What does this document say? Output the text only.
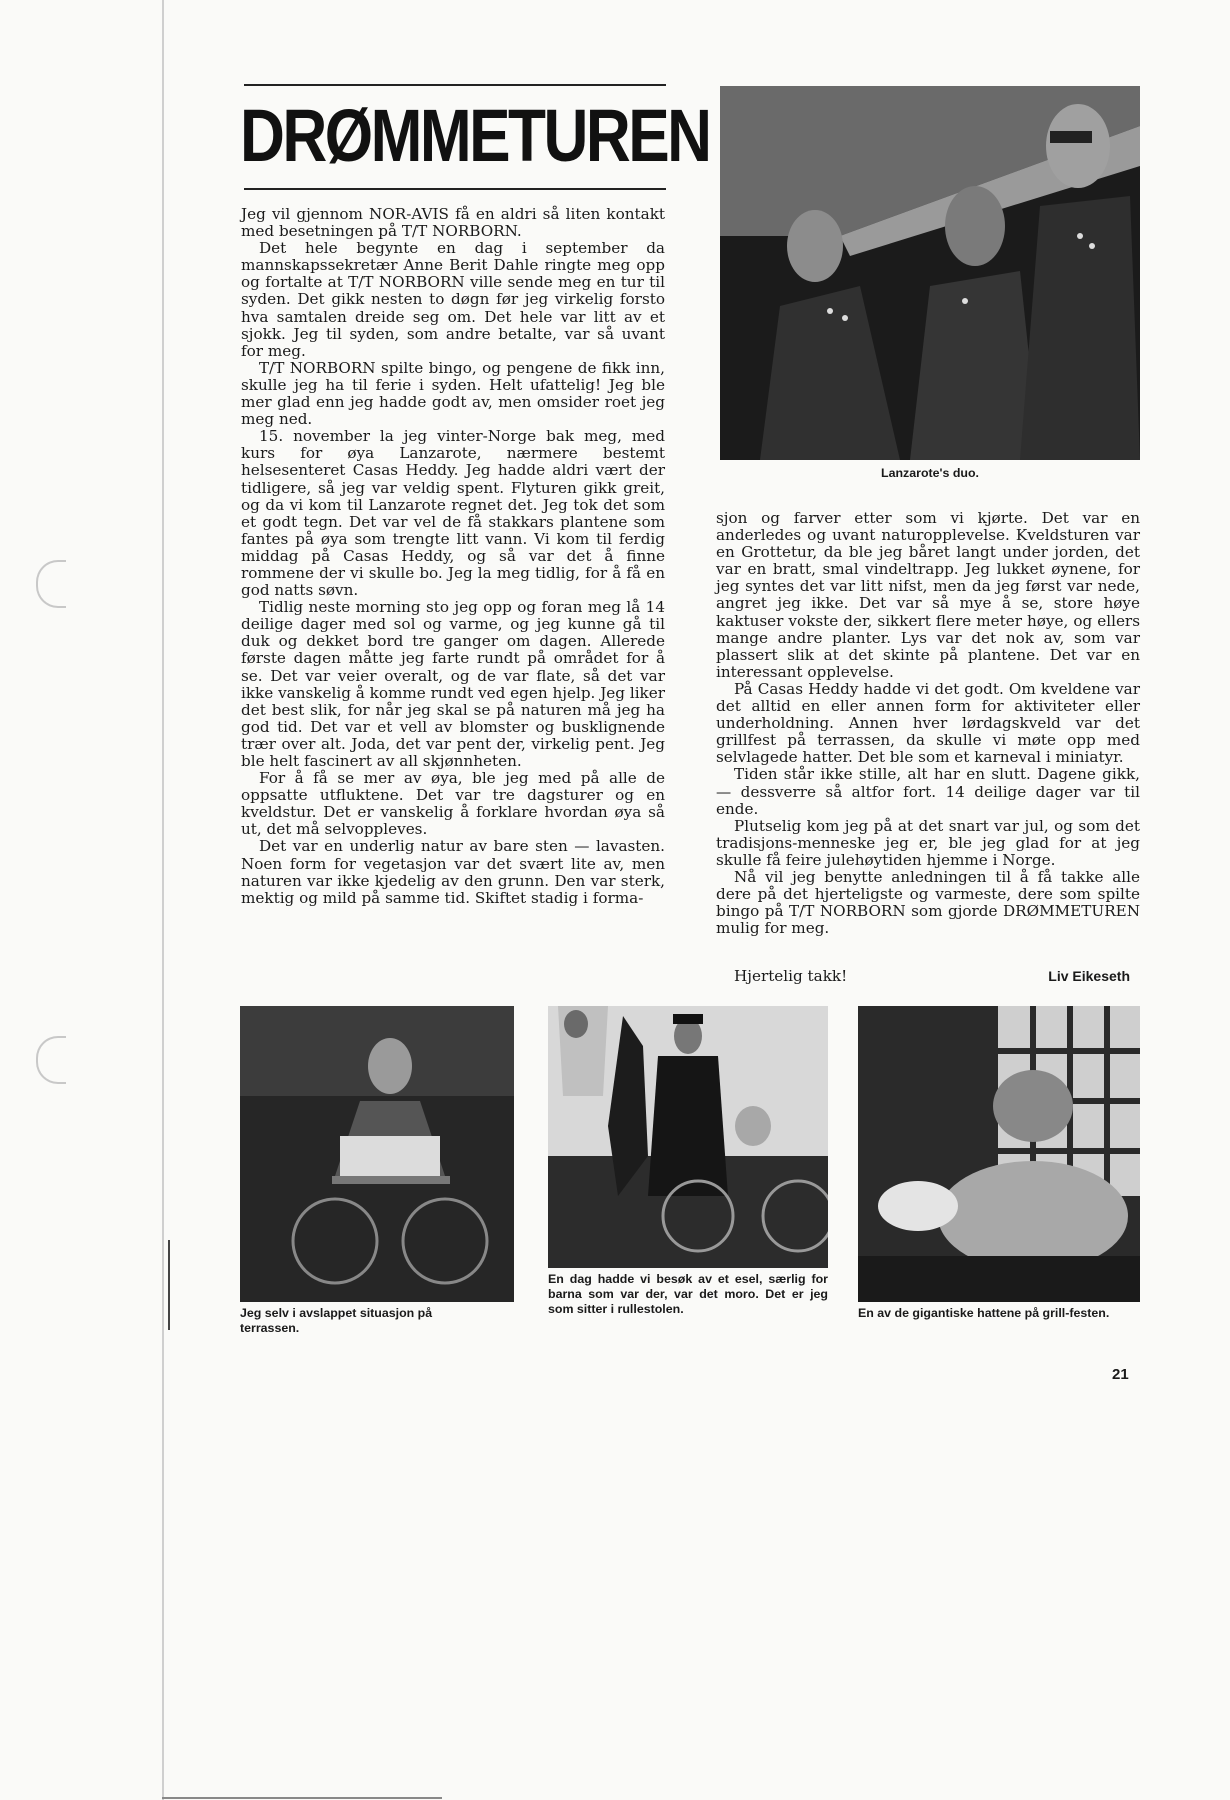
DRØMMETUREN

Jeg vil gjennom NOR-AVIS få en aldri så liten kontakt med besetningen på T/T NORBORN.

Det hele begynte en dag i september da mannskapssekretær Anne Berit Dahle ringte meg opp og fortalte at T/T NORBORN ville sende meg en tur til syden. Det gikk nesten to døgn før jeg virkelig forsto hva samtalen dreide seg om. Det hele var litt av et sjokk. Jeg til syden, som andre betalte, var så uvant for meg.

T/T NORBORN spilte bingo, og pengene de fikk inn, skulle jeg ha til ferie i syden. Helt ufattelig! Jeg ble mer glad enn jeg hadde godt av, men omsider roet jeg meg ned.

15. november la jeg vinter-Norge bak meg, med kurs for øya Lanzarote, nærmere bestemt helsesenteret Casas Heddy. Jeg hadde aldri vært der tidligere, så jeg var veldig spent. Flyturen gikk greit, og da vi kom til Lanzarote regnet det. Jeg tok det som et godt tegn. Det var vel de få stakkars plantene som fantes på øya som trengte litt vann. Vi kom til ferdig middag på Casas Heddy, og så var det å finne rommene der vi skulle bo. Jeg la meg tidlig, for å få en god natts søvn.

Tidlig neste morning sto jeg opp og foran meg lå 14 deilige dager med sol og varme, og jeg kunne gå til duk og dekket bord tre ganger om dagen. Allerede første dagen måtte jeg farte rundt på området for å se. Det var veier overalt, og de var flate, så det var ikke vanskelig å komme rundt ved egen hjelp. Jeg liker det best slik, for når jeg skal se på naturen må jeg ha god tid. Det var et vell av blomster og busklignende trær over alt. Joda, det var pent der, virkelig pent. Jeg ble helt fascinert av all skjønnheten.

For å få se mer av øya, ble jeg med på alle de oppsatte utfluktene. Det var tre dagsturer og en kveldstur. Det er vanskelig å forklare hvordan øya så ut, det må selvoppleves.

Det var en underlig natur av bare sten — lavasten. Noen form for vegetasjon var det svært lite av, men naturen var ikke kjedelig av den grunn. Den var sterk, mektig og mild på samme tid. Skiftet stadig i forma-

Lanzarote's duo.

sjon og farver etter som vi kjørte. Det var en anderledes og uvant naturopplevelse. Kveldsturen var en Grottetur, da ble jeg båret langt under jorden, det var en bratt, smal vindeltrapp. Jeg lukket øynene, for jeg syntes det var litt nifst, men da jeg først var nede, angret jeg ikke. Det var så mye å se, store høye kaktuser vokste der, sikkert flere meter høye, og ellers mange andre planter. Lys var det nok av, som var plassert slik at det skinte på plantene. Det var en interessant opplevelse.

På Casas Heddy hadde vi det godt. Om kveldene var det alltid en eller annen form for aktiviteter eller underholdning. Annen hver lørdagskveld var det grillfest på terrassen, da skulle vi møte opp med selvlagede hatter. Det ble som et karneval i miniatyr.

Tiden står ikke stille, alt har en slutt. Dagene gikk, — dessverre så altfor fort. 14 deilige dager var til ende.

Plutselig kom jeg på at det snart var jul, og som det tradisjons-menneske jeg er, ble jeg glad for at jeg skulle få feire julehøytiden hjemme i Norge.

Nå vil jeg benytte anledningen til å få takke alle dere på det hjerteligste og varmeste, dere som spilte bingo på T/T NORBORN som gjorde DRØMMETUREN mulig for meg.

Hjertelig takk!	Liv Eikeseth
Jeg selv i avslappet situasjon på terrassen.
En dag hadde vi besøk av et esel, særlig for barna som var der, var det moro. Det er jeg som sitter i rullestolen.	En av de gigantiske hattene på grill-festen.
21
